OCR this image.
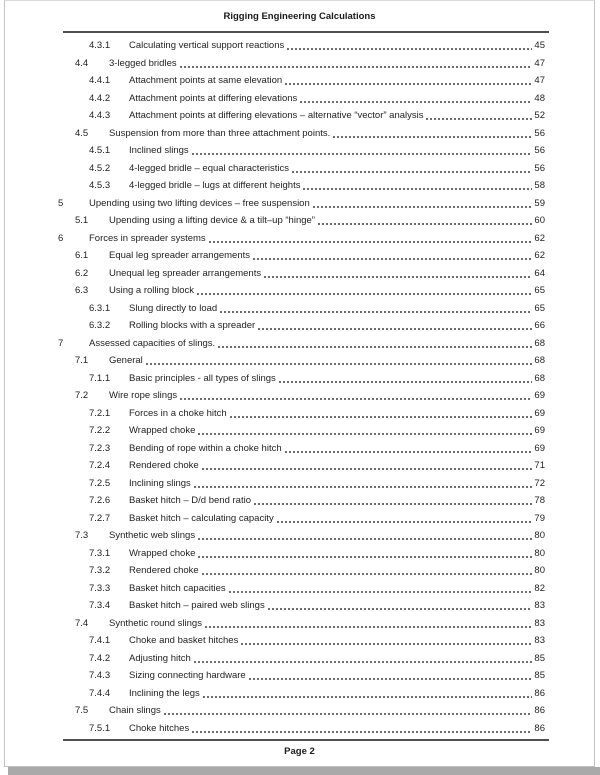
Rigging Engineering Calculations
4.3.1	Calculating vertical support reactions	45
4.4	3-legged bridles	47
4.4.1	Attachment points at same elevation	47
4.4.2	Attachment points at differing elevations	48
4.4.3	Attachment points at differing elevations – alternative “vector” analysis	52
4.5	Suspension from more than three attachment points.	56
4.5.1	Inclined slings	56
4.5.2	4-legged bridle – equal characteristics	56
4.5.3	4-legged bridle – lugs at different heights	58
5	Upending using two lifting devices – free suspension	59
5.1	Upending using a lifting device & a tilt–up “hinge”	60
6	Forces in spreader systems	62
6.1	Equal leg spreader arrangements	62
6.2	Unequal leg spreader arrangements	64
6.3	Using a rolling block	65
6.3.1	Slung directly to load	65
6.3.2	Rolling blocks with a spreader	66
7	Assessed capacities of slings.	68
7.1	General	68
7.1.1	Basic principles - all types of slings	68
7.2	Wire rope slings	69
7.2.1	Forces in a choke hitch	69
7.2.2	Wrapped choke	69
7.2.3	Bending of rope within a choke hitch	69
7.2.4	Rendered choke	71
7.2.5	Inclining slings	72
7.2.6	Basket hitch – D/d bend ratio	78
7.2.7	Basket hitch – calculating capacity	79
7.3	Synthetic web slings	80
7.3.1	Wrapped choke	80
7.3.2	Rendered choke	80
7.3.3	Basket hitch capacities	82
7.3.4	Basket hitch – paired web slings	83
7.4	Synthetic round slings	83
7.4.1	Choke and basket hitches	83
7.4.2	Adjusting hitch	85
7.4.3	Sizing connecting hardware	85
7.4.4	Inclining the legs	86
7.5	Chain slings	86
7.5.1	Choke hitches	86
Page 2
